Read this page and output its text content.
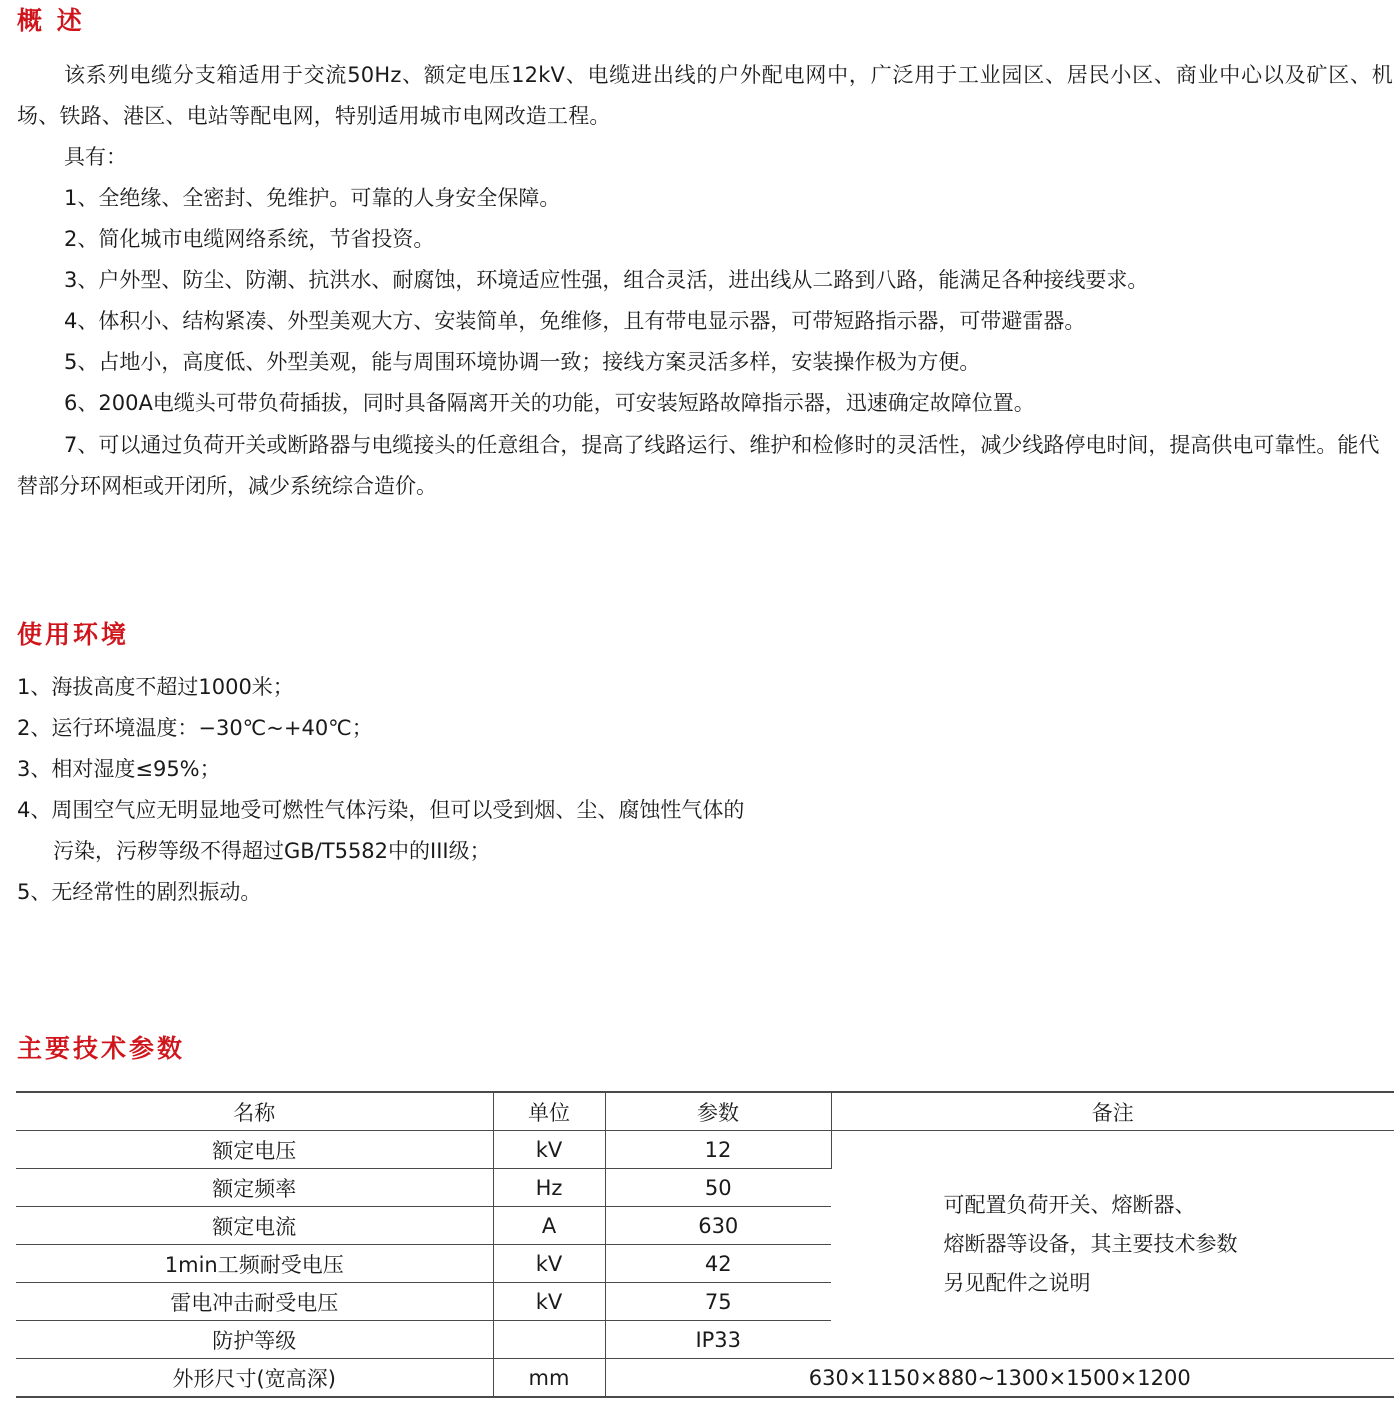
概 述

该系列电缆分支箱适用于交流50Hz、额定电压12kV、电缆进出线的户外配电网中，广泛用于工业园区、居民小区、商业中心以及矿区、机场、铁路、港区、电站等配电网，特别适用城市电网改造工程。

具有：

1、全绝缘、全密封、免维护。可靠的人身安全保障。

2、简化城市电缆网络系统，节省投资。

3、户外型、防尘、防潮、抗洪水、耐腐蚀，环境适应性强，组合灵活，进出线从二路到八路，能满足各种接线要求。

4、体积小、结构紧凑、外型美观大方、安装简单，免维修，且有带电显示器，可带短路指示器，可带避雷器。

5、占地小，高度低、外型美观，能与周围环境协调一致；接线方案灵活多样，安装操作极为方便。

6、200A电缆头可带负荷插拔，同时具备隔离开关的功能，可安装短路故障指示器，迅速确定故障位置。

7、可以通过负荷开关或断路器与电缆接头的任意组合，提高了线路运行、维护和检修时的灵活性，减少线路停电时间，提高供电可靠性。能代替部分环网柜或开闭所，减少系统综合造价。

使用环境

1、海拔高度不超过1000米；

2、运行环境温度：−30℃~+40℃；

3、相对湿度≤95%；

4、周围空气应无明显地受可燃性气体污染，但可以受到烟、尘、腐蚀性气体的

污染，污秽等级不得超过GB/T5582中的III级；

5、无经常性的剧烈振动。

主要技术参数
名称	单位	参数	备注
额定电压	kV	12	可配置负荷开关、熔断器、
熔断器等设备，其主要技术参数
另见配件之说明

额定频率	Hz	50	
额定电流	A	630	
1min工频耐受电压	kV	42	
雷电冲击耐受电压	kV	75	
防护等级		IP33	
外形尺寸(宽高深)	mm	630×1150×880~1300×1500×1200	
